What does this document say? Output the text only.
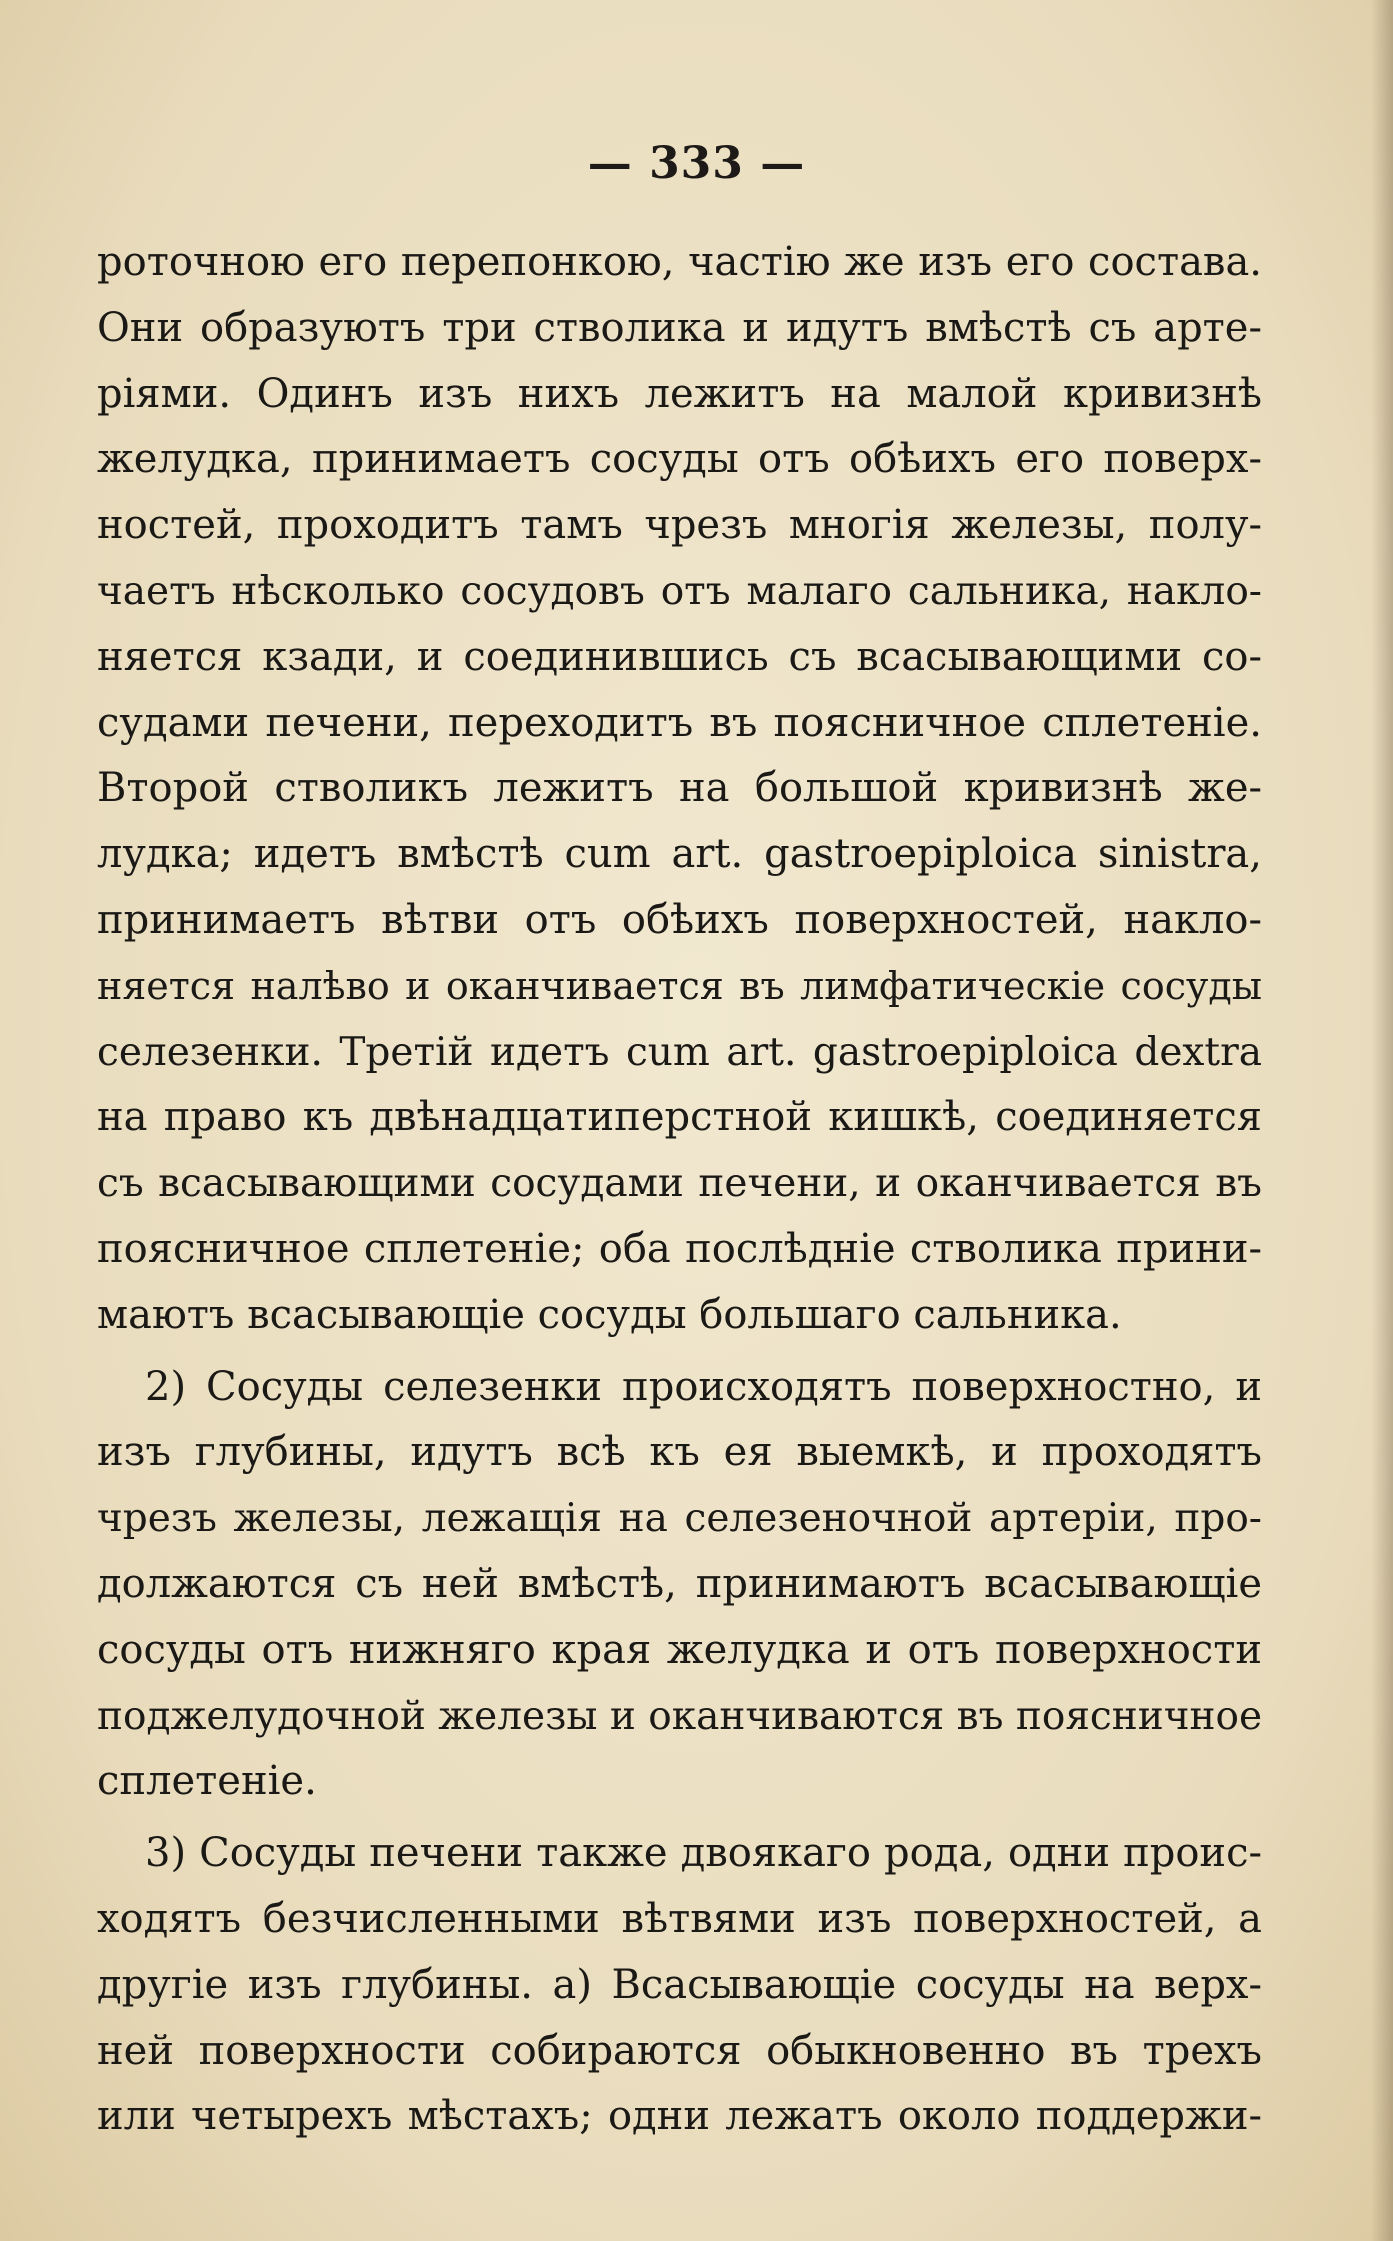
— 333 —
роточною его перепонкою, частію же изъ его состава.
Они образуютъ три стволика и идутъ вмѣстѣ съ арте-
ріями. Одинъ изъ нихъ лежитъ на малой кривизнѣ
желудка, принимаетъ сосуды отъ обѣихъ его поверх-
ностей, проходитъ тамъ чрезъ многія железы, полу-
чаетъ нѣсколько сосудовъ отъ малаго сальника, накло-
няется кзади, и соединившись съ всасывающими со-
судами печени, переходитъ въ поясничное сплетеніе.
Второй стволикъ лежитъ на большой кривизнѣ же-
лудка; идетъ вмѣстѣ cum art. gastroepiploica sinistra,
принимаетъ вѣтви отъ обѣихъ поверхностей, накло-
няется налѣво и оканчивается въ лимфатическіе сосуды
селезенки. Третій идетъ cum art. gastroepiploica dextra
на право къ двѣнадцатиперстной кишкѣ, соединяется
съ всасывающими сосудами печени, и оканчивается въ
поясничное сплетеніе; оба послѣдніе стволика прини-
маютъ всасывающіе сосуды большаго сальника.
2) Сосуды селезенки происходятъ поверхностно, и
изъ глубины, идутъ всѣ къ ея выемкѣ, и проходятъ
чрезъ железы, лежащія на селезеночной артеріи, про-
должаются съ ней вмѣстѣ, принимаютъ всасывающіе
сосуды отъ нижняго края желудка и отъ поверхности
поджелудочной железы и оканчиваются въ поясничное
сплетеніе.
3) Сосуды печени также двоякаго рода, одни проис-
ходятъ безчисленными вѣтвями изъ поверхностей, а
другіе изъ глубины. а) Всасывающіе сосуды на верх-
ней поверхности собираются обыкновенно въ трехъ
или четырехъ мѣстахъ; одни лежатъ около поддержи-
